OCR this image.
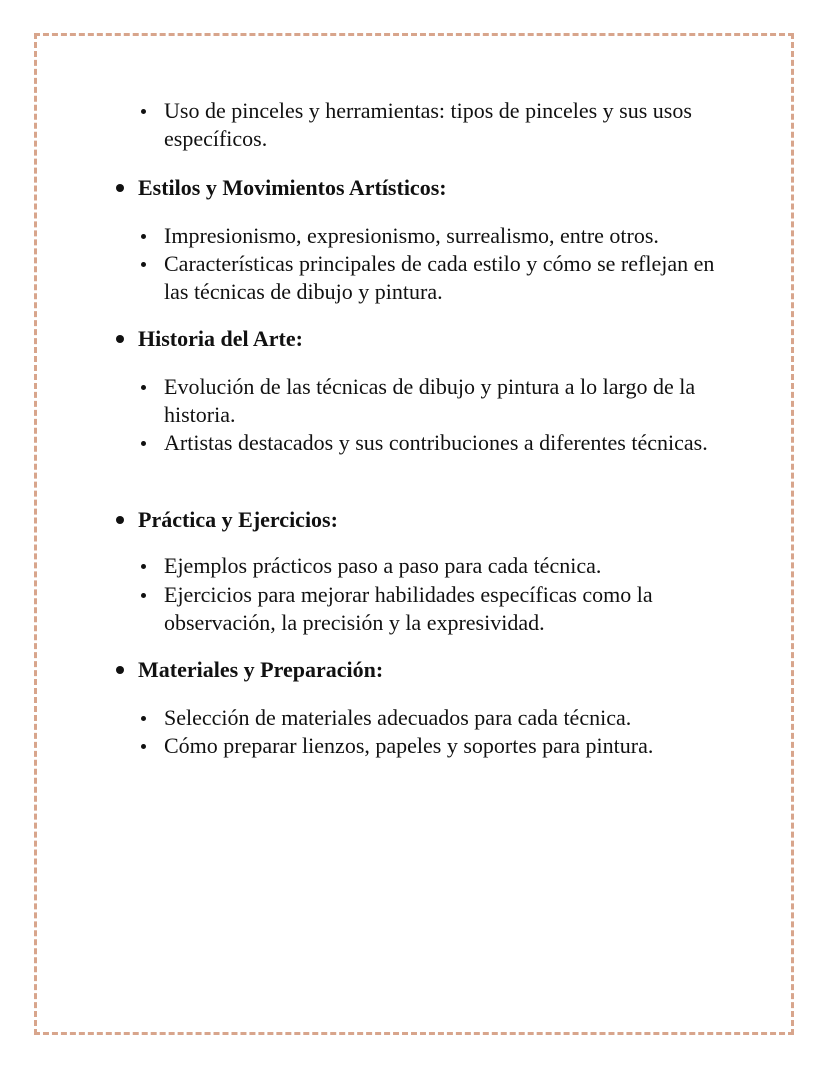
Uso de pinceles y herramientas: tipos de pinceles y sus usos específicos.
Estilos y Movimientos Artísticos:
Impresionismo, expresionismo, surrealismo, entre otros.
Características principales de cada estilo y cómo se reflejan en las técnicas de dibujo y pintura.
Historia del Arte:
Evolución de las técnicas de dibujo y pintura a lo largo de la historia.
Artistas destacados y sus contribuciones a diferentes técnicas.
Práctica y Ejercicios:
Ejemplos prácticos paso a paso para cada técnica.
Ejercicios para mejorar habilidades específicas como la observación, la precisión y la expresividad.
Materiales y Preparación:
Selección de materiales adecuados para cada técnica.
Cómo preparar lienzos, papeles y soportes para pintura.
